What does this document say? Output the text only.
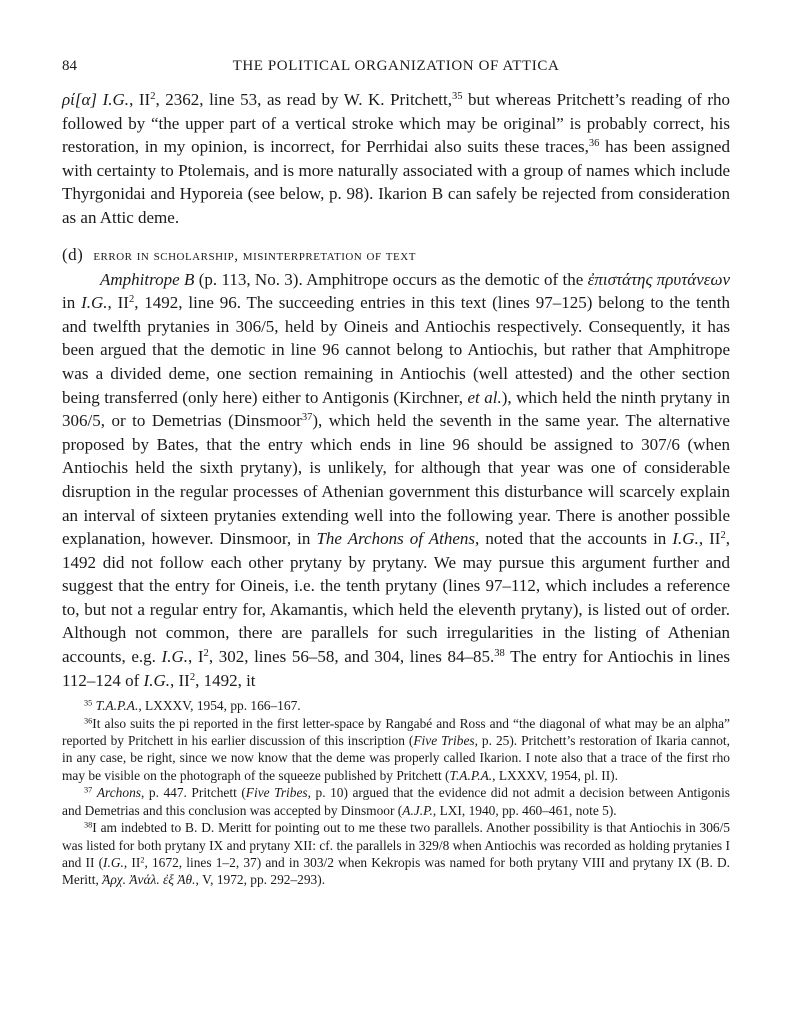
84	THE POLITICAL ORGANIZATION OF ATTICA

ρί[α] I.G., $II^2$, 2362, line 53, as read by W. K. Pritchett,$^{35}$ but whereas Pritchett’s reading of rho followed by “the upper part of a vertical stroke which may be original” is probably correct, his restoration, in my opinion, is incorrect, for Perrhidai also suits these traces,$^{36}$ has been assigned with certainty to Ptolemais, and is more naturally associated with a group of names which include Thyrgonidai and Hyporeia (see below, p. 98). Ikarion B can safely be rejected from consideration as an Attic deme.

(d) error in scholarship, misinterpretation of text

Amphitrope B (p. 113, No. 3). Amphitrope occurs as the demotic of the ἐπιστάτης πρυτάνεων in I.G., $II^2$, 1492, line 96. The succeeding entries in this text (lines 97–125) belong to the tenth and twelfth prytanies in 306/5, held by Oineis and Antiochis respectively. Consequently, it has been argued that the demotic in line 96 cannot belong to Antiochis, but rather that Amphitrope was a divided deme, one section remaining in Antiochis (well attested) and the other section being transferred (only here) either to Antigonis (Kirchner, et al.), which held the ninth prytany in 306/5, or to Demetrias (Dinsmoor$^{37}$), which held the seventh in the same year. The alternative proposed by Bates, that the entry which ends in line 96 should be assigned to 307/6 (when Antiochis held the sixth prytany), is unlikely, for although that year was one of considerable disruption in the regular processes of Athenian government this disturbance will scarcely explain an interval of sixteen prytanies extending well into the following year. There is another possible explanation, however. Dinsmoor, in The Archons of Athens, noted that the accounts in I.G., $II^2$, 1492 did not follow each other prytany by prytany. We may pursue this argument further and suggest that the entry for Oineis, i.e. the tenth prytany (lines 97–112, which includes a reference to, but not a regular entry for, Akamantis, which held the eleventh prytany), is listed out of order. Although not common, there are parallels for such irregularities in the listing of Athenian accounts, e.g. I.G., $I^2$, 302, lines 56–58, and 304, lines 84–85.38 The entry for Antiochis in lines 112–124 of I.G., $II^2$, 1492, it

$^{35}$ T.A.P.A., LXXXV, 1954, pp. 166–167.

$^{36}$It also suits the pi reported in the first letter-space by Rangabé and Ross and “the diagonal of what may be an alpha” reported by Pritchett in his earlier discussion of this inscription (Five Tribes, p. 25). Pritchett’s restoration of Ikaria cannot, in any case, be right, since we now know that the deme was properly called Ikarion. I note also that a trace of the first rho may be visible on the photograph of the squeeze published by Pritchett (T.A.P.A., LXXXV, 1954, pl. II).

$^{37}$ Archons, p. 447. Pritchett (Five Tribes, p. 10) argued that the evidence did not admit a decision between Antigonis and Demetrias and this conclusion was accepted by Dinsmoor (A.J.P., LXI, 1940, pp. 460–461, note 5).

$^{38}$I am indebted to B. D. Meritt for pointing out to me these two parallels. Another possibility is that Antiochis in 306/5 was listed for both prytany IX and prytany XII: cf. the parallels in 329/8 when Antiochis was recorded as holding prytanies I and II (I.G., $II^2$, 1672, lines 1–2, 37) and in 303/2 when Kekropis was named for both prytany VIII and prytany IX (B. D. Meritt, Ἀρχ. Ἀνάλ. ἐξ Ἀθ., V, 1972, pp. 292–293).
